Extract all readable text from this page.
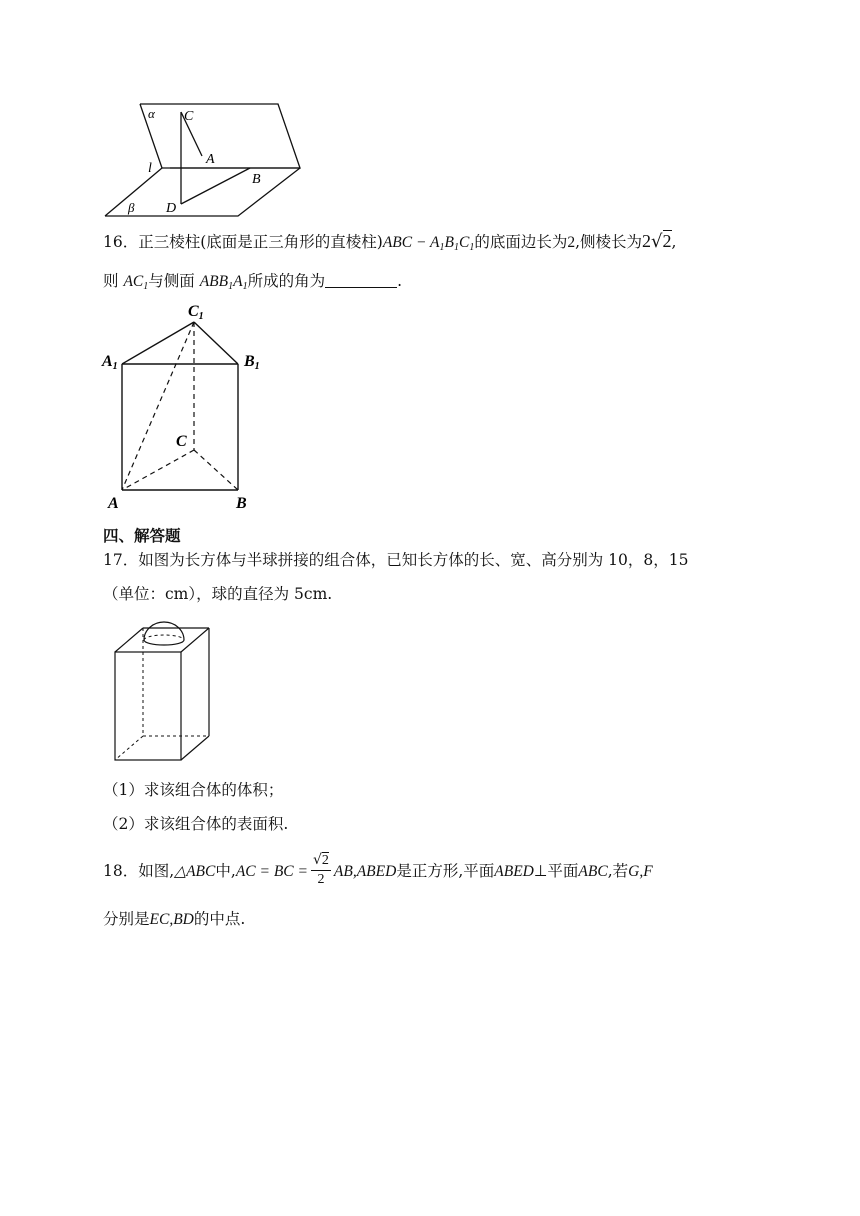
α C
A
l
B
β D
16．正三棱柱(底面是正三角形的直棱柱)$ABC - A_1B_1C_1$的底面边长为2,侧棱长为2√2,
则 $AC_1$与侧面 $ABB_1A_1$所成的角为	.
C1
A1	B1
C
A	B
四、解答题
17．如图为长方体与半球拼接的组合体，已知长方体的长、宽、高分别为 10，8，15
（单位：cm），球的直径为 5cm.
（1）求该组合体的体积；
（2）求该组合体的表面积.
18．如图,△ABC中,AC = BC = $\frac{√2}{2}$ AB,ABED是正方形,平面ABED⊥平面ABC,若G,F
分别是EC,BD的中点.
